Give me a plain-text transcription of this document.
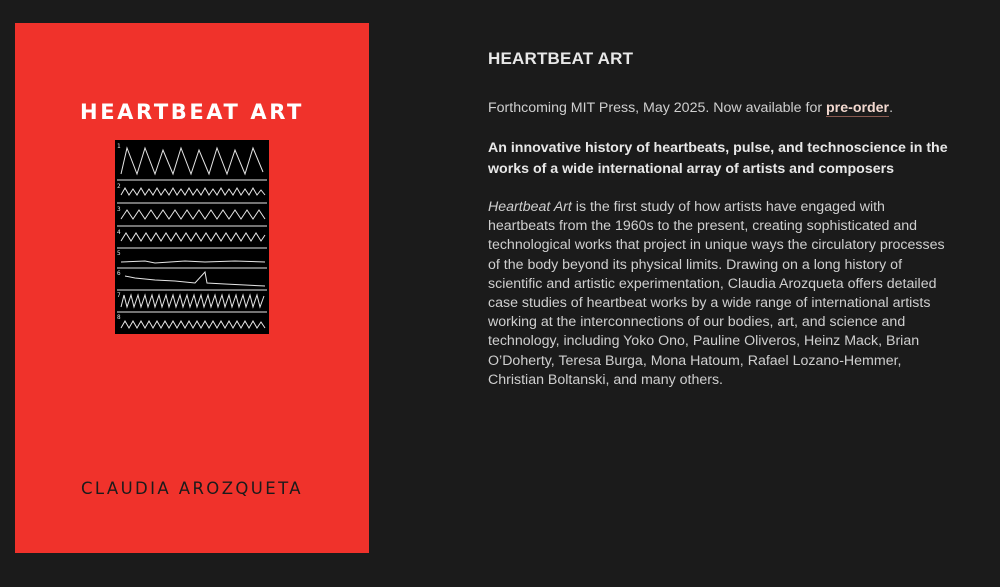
HEARTBEAT ART
1
2
3
4
5
6
7
8
CLAUDIA AROZQUETA
HEARTBEAT ART

Forthcoming MIT Press, May 2025. Now available for pre-order.

An innovative history of heartbeats, pulse, and technoscience in the works of a wide international array of artists and composers

Heartbeat Art is the first study of how artists have engaged with heartbeats from the 1960s to the present, creating sophisticated and technological works that project in unique ways the circulatory processes of the body beyond its physical limits. Drawing on a long history of scientific and artistic experimentation, Claudia Arozqueta offers detailed case studies of heartbeat works by a wide range of international artists working at the interconnections of our bodies, art, and science and technology, including Yoko Ono, Pauline Oliveros, Heinz Mack, Brian O’Doherty, Teresa Burga, Mona Hatoum, Rafael Lozano-Hemmer, Christian Boltanski, and many others.
